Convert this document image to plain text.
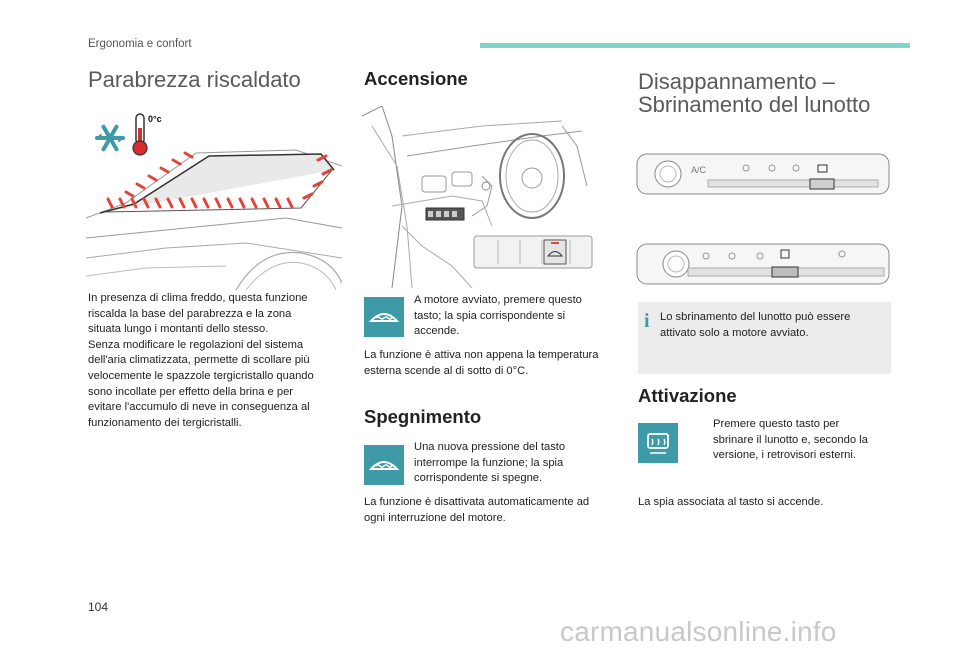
Ergonomia e confort
Parabrezza riscaldato
0°c
In presenza di clima freddo, questa funzione
riscalda la base del parabrezza e la zona
situata lungo i montanti dello stesso.
Senza modificare le regolazioni del sistema
dell'aria climatizzata, permette di scollare più
velocemente le spazzole tergicristallo quando
sono incollate per effetto della brina e per
evitare l'accumulo di neve in conseguenza al
funzionamento dei tergicristalli.
Accensione
A motore avviato, premere questo
tasto; la spia corrispondente si
accende.
La funzione è attiva non appena la temperatura
esterna scende al di sotto di 0°C.
Spegnimento
Una nuova pressione del tasto
interrompe la funzione; la spia
corrispondente si spegne.
La funzione è disattivata automaticamente ad
ogni interruzione del motore.
Disappannamento –
Sbrinamento del lunotto
A/C
i Lo sbrinamento del lunotto può essere
attivato solo a motore avviato.
Attivazione
Premere questo tasto per
sbrinare il lunotto e, secondo la
versione, i retrovisori esterni.
La spia associata al tasto si accende.
104
carmanualsonline.info
